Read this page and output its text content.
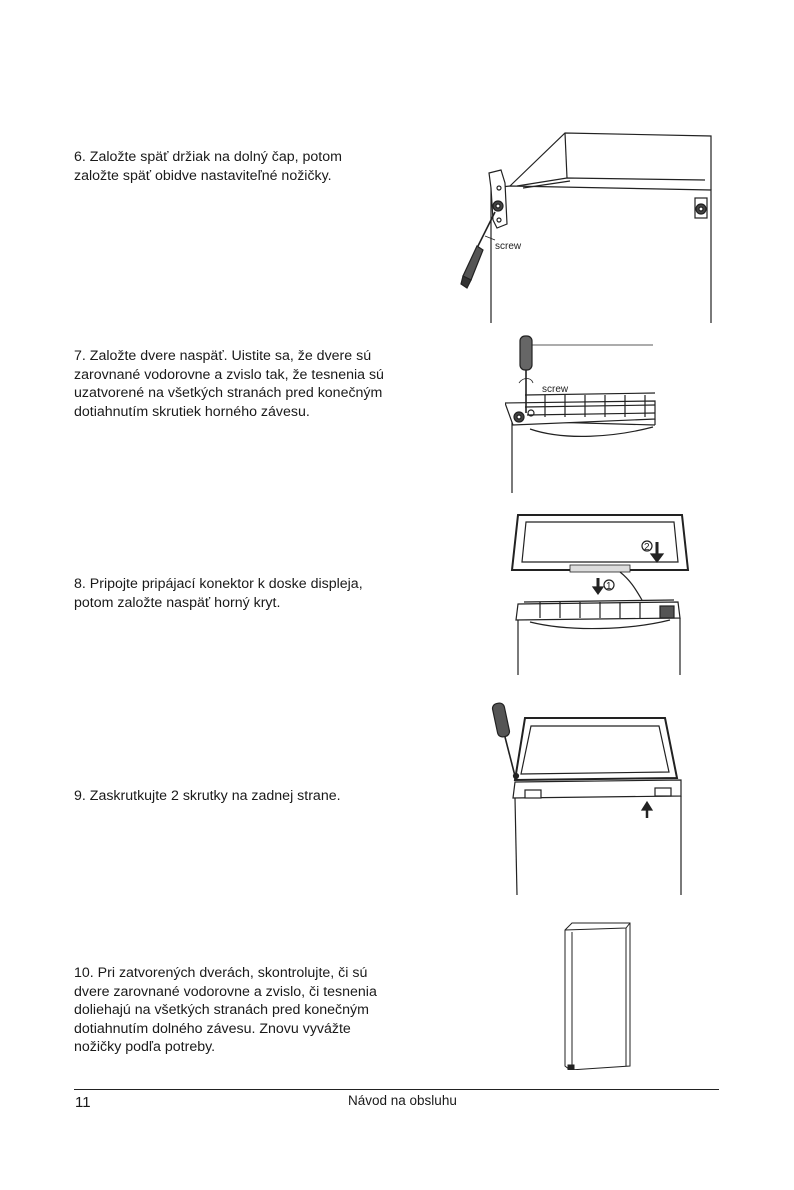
6. Založte späť držiak na dolný čap, potom
založte späť obidve nastaviteľné nožičky.

7. Založte dvere naspäť. Uistite sa, že dvere sú
zarovnané vodorovne a zvislo tak, že tesnenia sú
uzatvorené na všetkých stranách pred konečným
dotiahnutím skrutiek horného závesu.

8. Pripojte pripájací konektor k doske displeja,
potom založte naspäť horný kryt.

9. Zaskrutkujte 2 skrutky na zadnej strane.

10. Pri zatvorených dverách, skontrolujte, či sú
dvere zarovnané vodorovne a zvislo, či tesnenia
doliehajú na všetkých stranách pred konečným
dotiahnutím dolného závesu. Znovu vyvážte
nožičky podľa potreby.

screw
screw
2
1
11	Návod na obsluhu
